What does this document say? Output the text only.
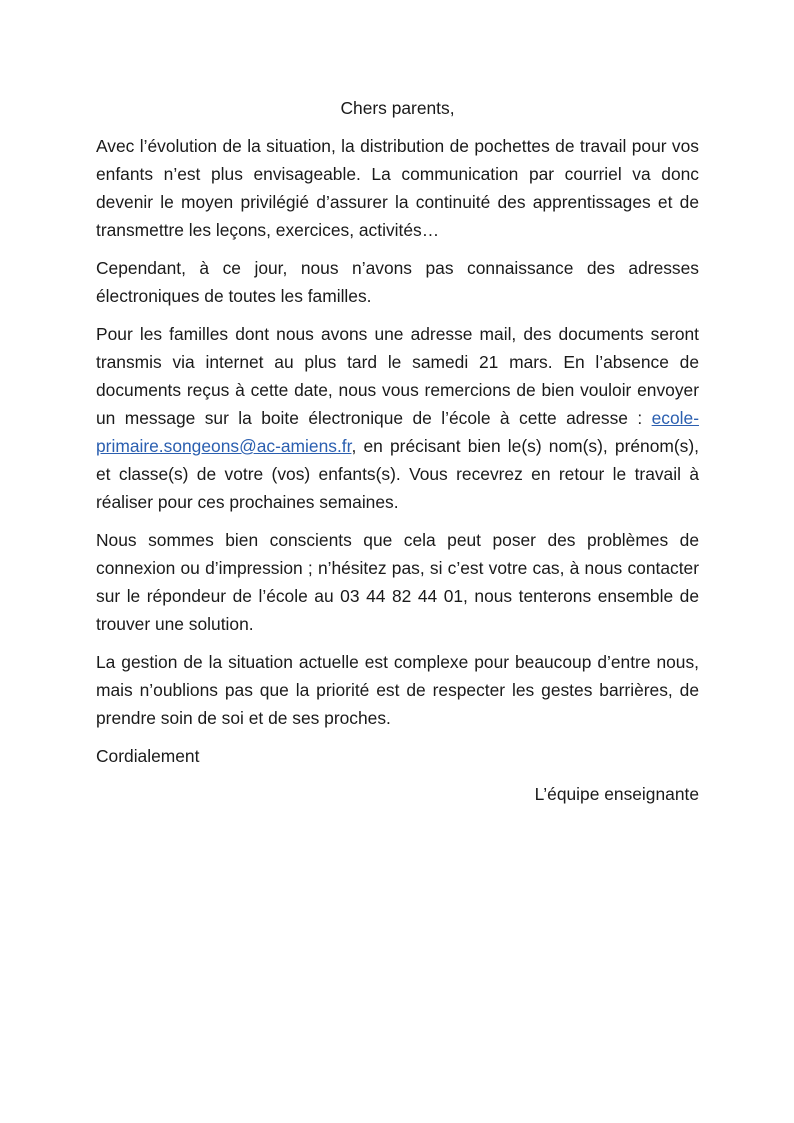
Chers parents,

Avec l’évolution de la situation, la distribution de pochettes de travail pour vos enfants n’est plus envisageable. La communication par courriel va donc devenir le moyen privilégié d’assurer la continuité des apprentissages et de transmettre les leçons, exercices, activités…

Cependant, à ce jour, nous n’avons pas connaissance des adresses électroniques de toutes les familles.

Pour les familles dont nous avons une adresse mail, des documents seront transmis via internet au plus tard le samedi 21 mars. En l’absence de documents reçus à cette date, nous vous remercions de bien vouloir envoyer un message sur la boite électronique de l’école à cette adresse : ecole-primaire.songeons@ac-amiens.fr, en précisant bien le(s) nom(s), prénom(s), et classe(s) de votre (vos) enfants(s). Vous recevrez en retour le travail à réaliser pour ces prochaines semaines.

Nous sommes bien conscients que cela peut poser des problèmes de connexion ou d’impression ; n’hésitez pas, si c’est votre cas, à nous contacter sur le répondeur de l’école au 03 44 82 44 01, nous tenterons ensemble de trouver une solution.

La gestion de la situation actuelle est complexe pour beaucoup d’entre nous, mais n’oublions pas que la priorité est de respecter les gestes barrières, de prendre soin de soi et de ses proches.

Cordialement

L’équipe enseignante
